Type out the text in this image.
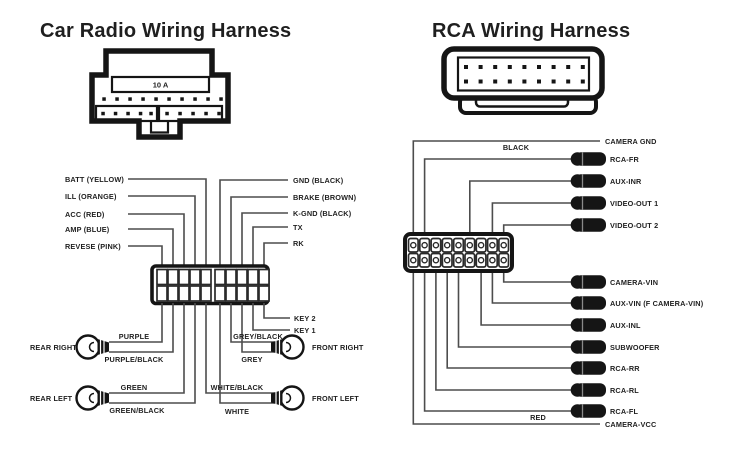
Car Radio Wiring Harness
10 A
BATT (YELLOW)
ILL (ORANGE)
ACC (RED)
AMP (BLUE)
REVESE (PINK)
GND (BLACK)
BRAKE (BROWN)
K-GND (BLACK)
TX
RK
KEY 2
KEY 1
REAR RIGHT
REAR LEFT
FRONT RIGHT
FRONT LEFT
PURPLE
PURPLE/BLACK
GREEN
GREEN/BLACK
GREY/BLACK
GREY
WHITE/BLACK
WHITE
RCA Wiring Harness
CAMERA GND
RCA-FR
AUX-INR
VIDEO-OUT 1
VIDEO-OUT 2
CAMERA-VIN
AUX-VIN (F CAMERA-VIN)
AUX-INL
SUBWOOFER
RCA-RR
RCA-RL
RCA-FL
CAMERA-VCC
BLACK
RED
